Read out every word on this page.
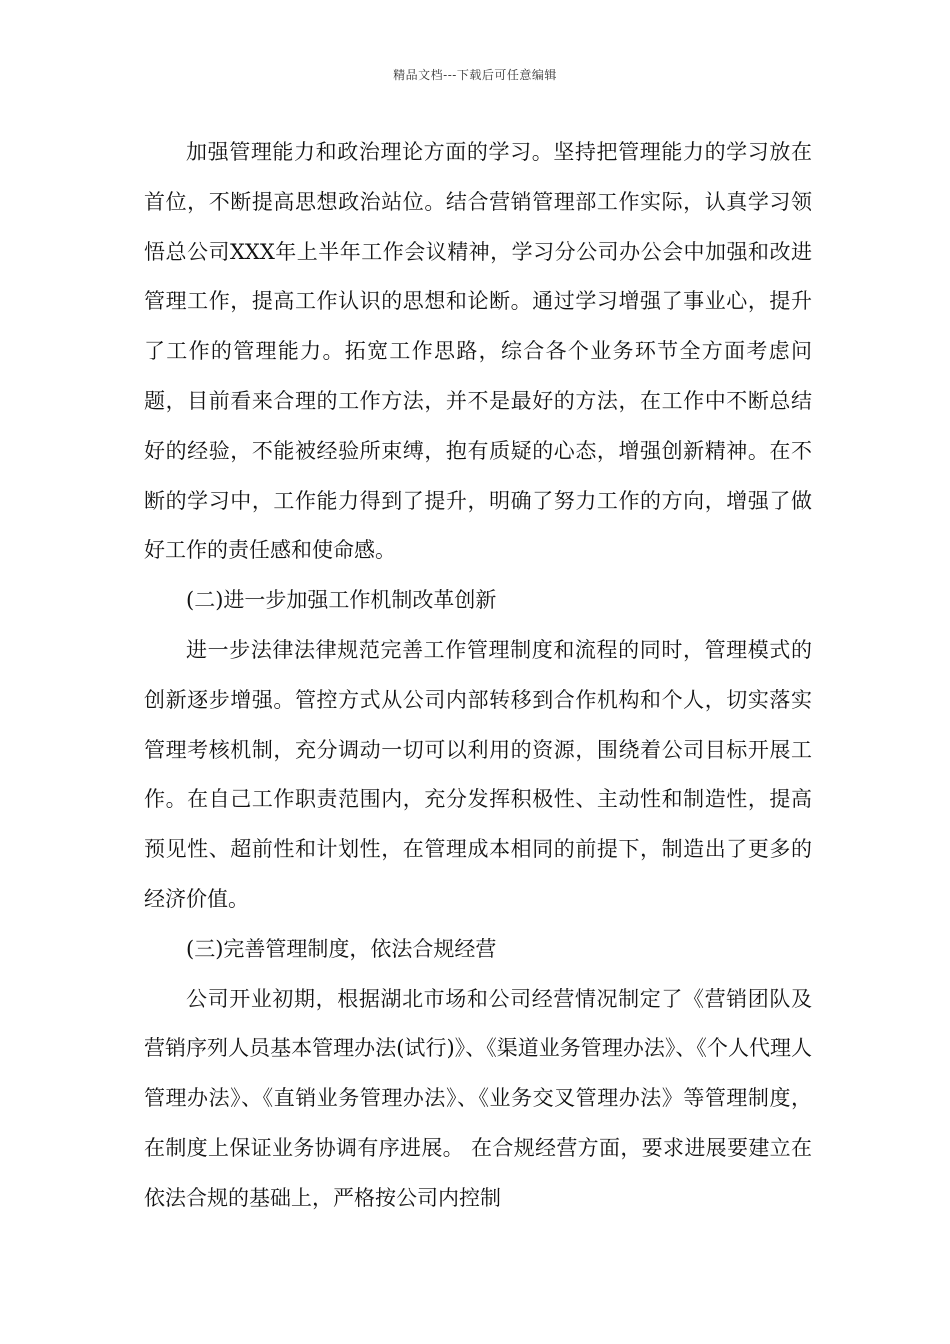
精品文档---下载后可任意编辑

加强管理能力和政治理论方面的学习。坚持把管理能力的学习放在首位，不断提高思想政治站位。结合营销管理部工作实际，认真学习领悟总公司XXX年上半年工作会议精神，学习分公司办公会中加强和改进管理工作，提高工作认识的思想和论断。通过学习增强了事业心，提升了工作的管理能力。拓宽工作思路，综合各个业务环节全方面考虑问题，目前看来合理的工作方法，并不是最好的方法，在工作中不断总结好的经验，不能被经验所束缚，抱有质疑的心态，增强创新精神。在不断的学习中，工作能力得到了提升，明确了努力工作的方向，增强了做好工作的责任感和使命感。

(二)进一步加强工作机制改革创新

进一步法律法律规范完善工作管理制度和流程的同时，管理模式的创新逐步增强。管控方式从公司内部转移到合作机构和个人，切实落实管理考核机制，充分调动一切可以利用的资源，围绕着公司目标开展工作。在自己工作职责范围内，充分发挥积极性、主动性和制造性，提高预见性、超前性和计划性，在管理成本相同的前提下，制造出了更多的经济价值。

(三)完善管理制度，依法合规经营

公司开业初期，根据湖北市场和公司经营情况制定了《营销团队及营销序列人员基本管理办法(试行)》、《渠道业务管理办法》、《个人代理人管理办法》、《直销业务管理办法》、《业务交叉管理办法》等管理制度，在制度上保证业务协调有序进展。 在合规经营方面，要求进展要建立在依法合规的基础上，严格按公司内控制
